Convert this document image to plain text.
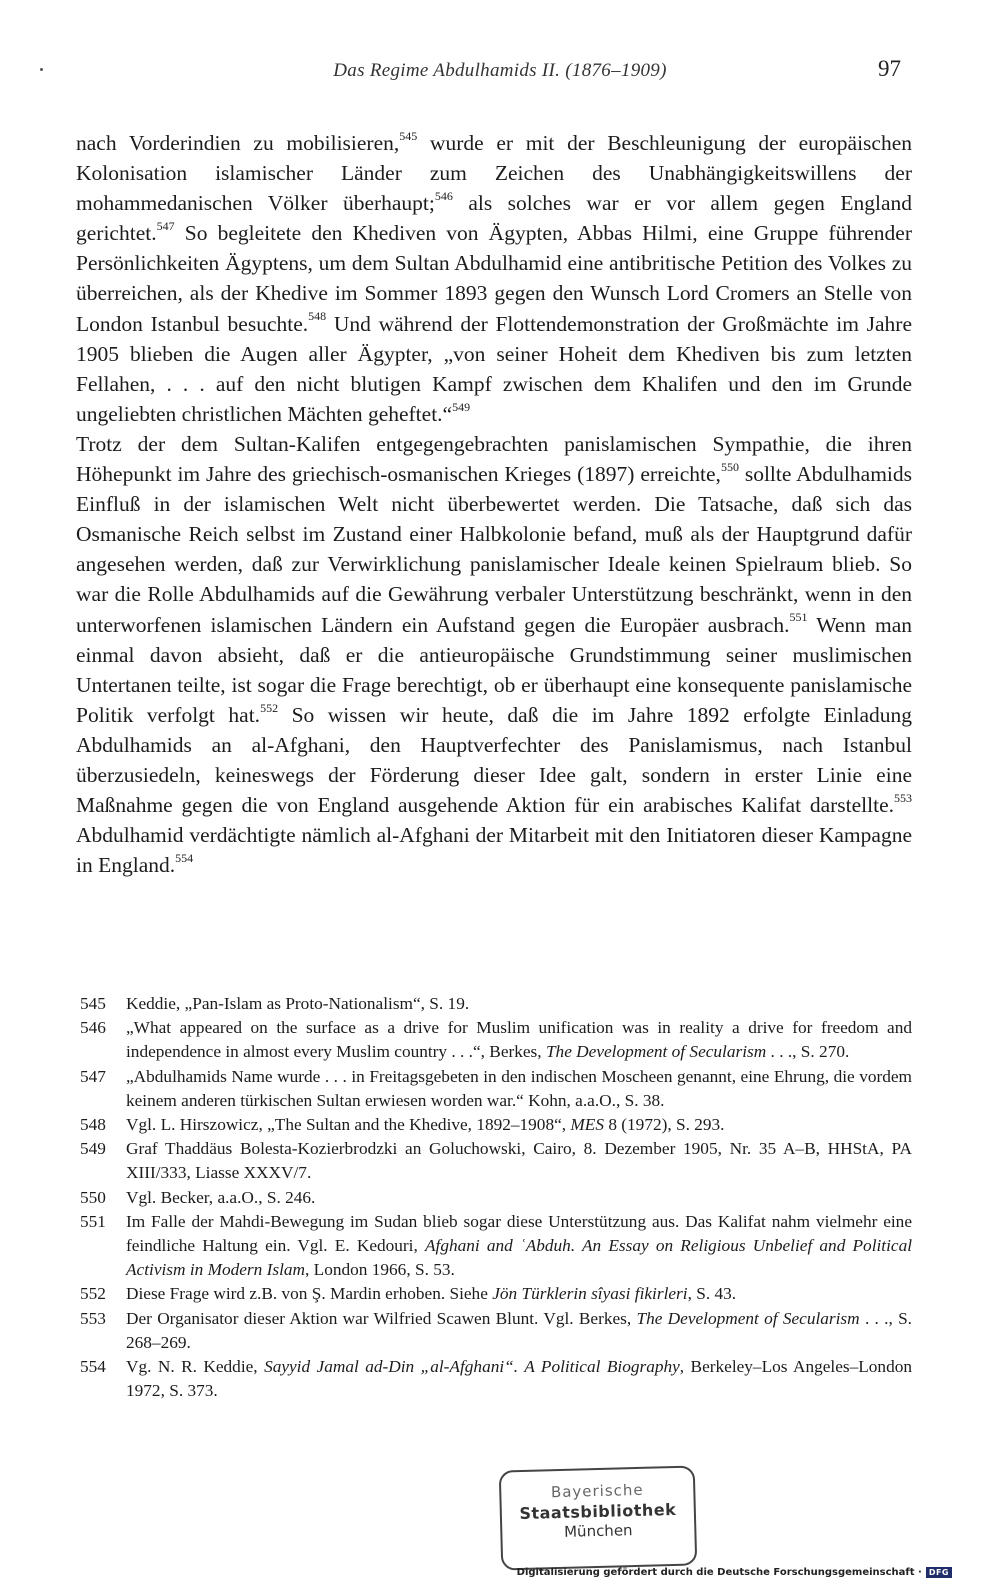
Das Regime Abdulhamids II. (1876–1909)	97

nach Vorderindien zu mobilisieren,$^{545}$ wurde er mit der Beschleunigung der europäischen Kolonisation islamischer Länder zum Zeichen des Unabhängigkeitswillens der mohammedanischen Völker überhaupt;$^{546}$ als solches war er vor allem gegen England gerichtet.$^{547}$ So begleitete den Khediven von Ägypten, Abbas Hilmi, eine Gruppe führender Persönlichkeiten Ägyptens, um dem Sultan Abdulhamid eine antibritische Petition des Volkes zu überreichen, als der Khedive im Sommer 1893 gegen den Wunsch Lord Cromers an Stelle von London Istanbul besuchte.$^{548}$ Und während der Flottendemonstration der Großmächte im Jahre 1905 blieben die Augen aller Ägypter, „von seiner Hoheit dem Khediven bis zum letzten Fellahen, . . . auf den nicht blutigen Kampf zwischen dem Khalifen und den im Grunde ungeliebten christlichen Mächten geheftet.“$^{549}$

Trotz der dem Sultan-Kalifen entgegengebrachten panislamischen Sympathie, die ihren Höhepunkt im Jahre des griechisch-osmanischen Krieges (1897) erreichte,$^{550}$ sollte Abdulhamids Einfluß in der islamischen Welt nicht überbewertet werden. Die Tatsache, daß sich das Osmanische Reich selbst im Zustand einer Halbkolonie befand, muß als der Hauptgrund dafür angesehen werden, daß zur Verwirklichung panislamischer Ideale keinen Spielraum blieb. So war die Rolle Abdulhamids auf die Gewährung verbaler Unterstützung beschränkt, wenn in den unterworfenen islamischen Ländern ein Aufstand gegen die Europäer ausbrach.$^{551}$ Wenn man einmal davon absieht, daß er die antieuropäische Grundstimmung seiner muslimischen Untertanen teilte, ist sogar die Frage berechtigt, ob er überhaupt eine konsequente panislamische Politik verfolgt hat.$^{552}$ So wissen wir heute, daß die im Jahre 1892 erfolgte Einladung Abdulhamids an al-Afghani, den Hauptverfechter des Panislamismus, nach Istanbul überzusiedeln, keineswegs der Förderung dieser Idee galt, sondern in erster Linie eine Maßnahme gegen die von England ausgehende Aktion für ein arabisches Kalifat darstellte.$^{553}$ Abdulhamid verdächtigte nämlich al-Afghani der Mitarbeit mit den Initiatoren dieser Kampagne in England.$^{554}$

545	Keddie, „Pan-Islam as Proto-Nationalism“, S. 19.
546	„What appeared on the surface as a drive for Muslim unification was in reality a drive for freedom and independence in almost every Muslim country . . .“, Berkes, The Development of Secularism . . ., S. 270.
547	„Abdulhamids Name wurde . . . in Freitagsgebeten in den indischen Moscheen genannt, eine Ehrung, die vordem keinem anderen türkischen Sultan erwiesen worden war.“ Kohn, a.a.O., S. 38.
548	Vgl. L. Hirszowicz, „The Sultan and the Khedive, 1892–1908“, MES 8 (1972), S. 293.
549	Graf Thaddäus Bolesta-Kozierbrodzki an Goluchowski, Cairo, 8. Dezember 1905, Nr. 35 A–B, HHStA, PA XIII/333, Liasse XXXV/7.
550	Vgl. Becker, a.a.O., S. 246.
551	Im Falle der Mahdi-Bewegung im Sudan blieb sogar diese Unterstützung aus. Das Kalifat nahm vielmehr eine feindliche Haltung ein. Vgl. E. Kedouri, Afghani and ʿAbduh. An Essay on Religious Unbelief and Political Activism in Modern Islam, London 1966, S. 53.
552	Diese Frage wird z.B. von Ş. Mardin erhoben. Siehe Jön Türklerin sîyasi fikirleri, S. 43.
553	Der Organisator dieser Aktion war Wilfried Scawen Blunt. Vgl. Berkes, The Development of Secularism . . ., S. 268–269.
554	Vg. N. R. Keddie, Sayyid Jamal ad-Din „al-Afghani“. A Political Biography, Berkeley–Los Angeles–London 1972, S. 373.
Bayerische
Staatsbibliothek
München
Digitalisierung gefördert durch die Deutsche Forschungsgemeinschaft · DFG
